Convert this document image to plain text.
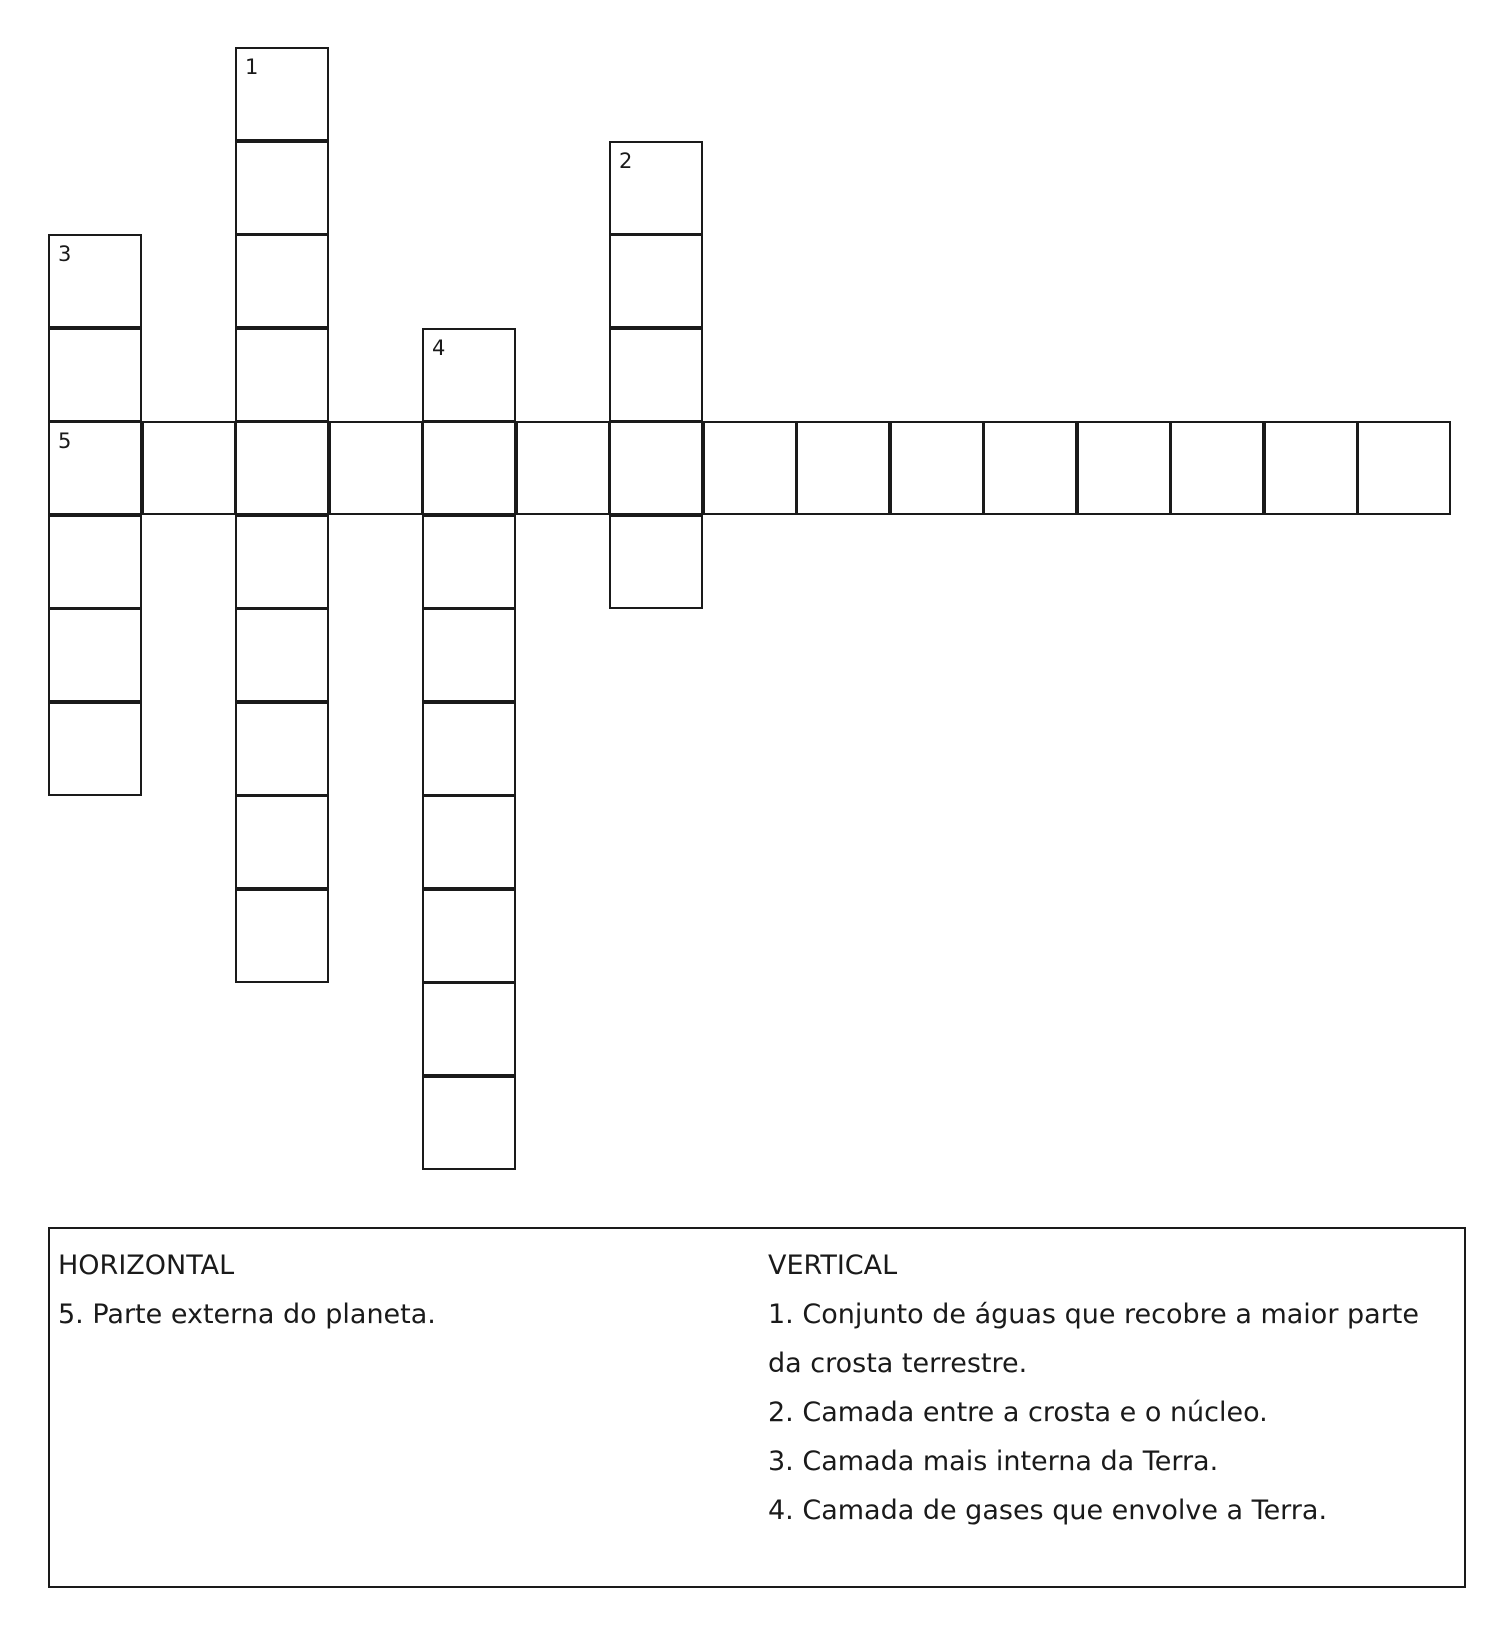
1
2
3
5
4
HORIZONTAL
5. Parte externa do planeta.
VERTICAL
1. Conjunto de águas que recobre a maior parte da crosta terrestre.
2. Camada entre a crosta e o núcleo.
3. Camada mais interna da Terra.
4. Camada de gases que envolve a Terra.
